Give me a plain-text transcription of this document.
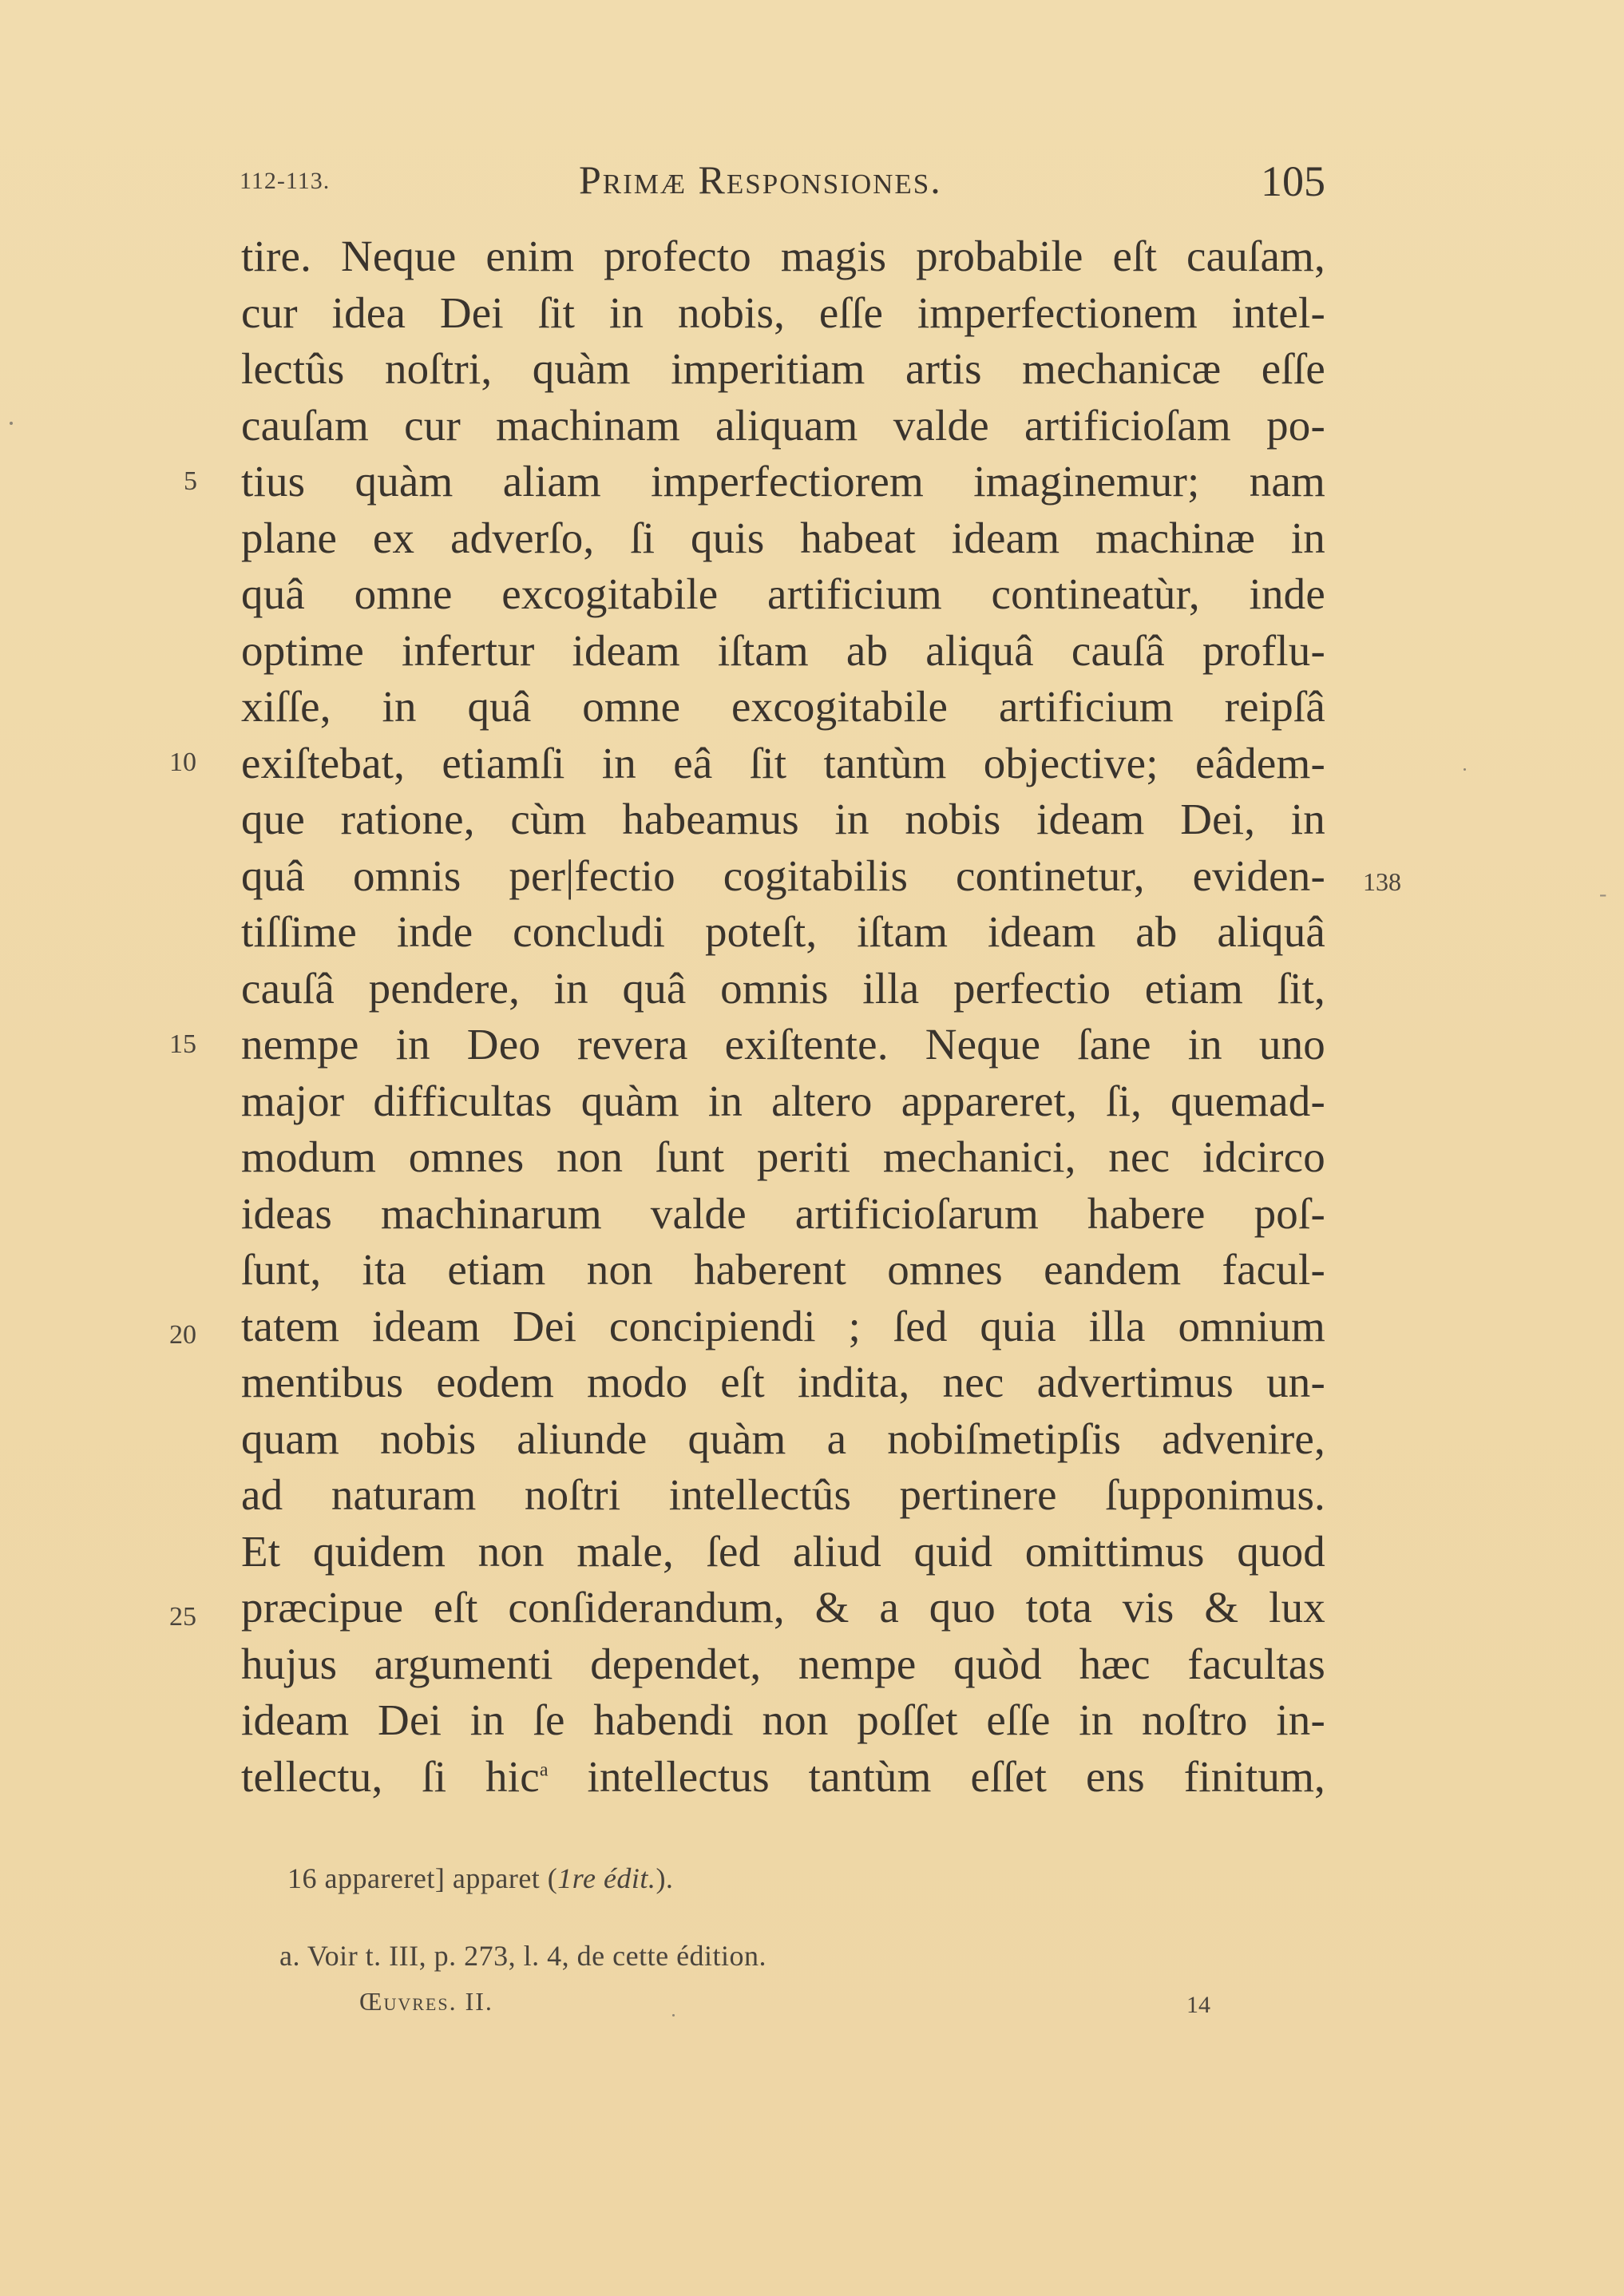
112-113.	Primæ Responsiones.	105
tire. Neque enim profecto magis probabile eſt cauſam,
cur idea Dei ſit in nobis, eſſe imperfectionem intel-
lectûs noſtri, quàm imperitiam artis mechanicæ eſſe
cauſam cur machinam aliquam valde artificioſam po-
tius quàm aliam imperfectiorem imaginemur; nam
plane ex adverſo, ſi quis habeat ideam machinæ in
quâ omne excogitabile artificium contineatùr, inde
optime infertur ideam iſtam ab aliquâ cauſâ proflu-
xiſſe, in quâ omne excogitabile artificium reipſâ
exiſtebat, etiamſi in eâ ſit tantùm objective; eâdem-
que ratione, cùm habeamus in nobis ideam Dei, in
quâ omnis per|fectio cogitabilis continetur, eviden-
tiſſime inde concludi poteſt, iſtam ideam ab aliquâ
cauſâ pendere, in quâ omnis illa perfectio etiam ſit,
nempe in Deo revera exiſtente. Neque ſane in uno
major difficultas quàm in altero appareret, ſi, quemad-
modum omnes non ſunt periti mechanici, nec idcirco
ideas machinarum valde artificioſarum habere poſ-
ſunt, ita etiam non haberent omnes eandem facul-
tatem ideam Dei concipiendi ; ſed quia illa omnium
mentibus eodem modo eſt indita, nec advertimus un-
quam nobis aliunde quàm a nobiſmetipſis advenire,
ad naturam noſtri intellectûs pertinere ſupponimus.
Et quidem non male, ſed aliud quid omittimus quod
præcipue eſt conſiderandum, & a quo tota vis & lux
hujus argumenti dependet, nempe quòd hæc facultas
ideam Dei in ſe habendi non poſſet eſſe in noſtro in-
tellectu, ſi hic$^a$ intellectus tantùm eſſet ens finitum,
5
10
15
20
25
138	-
16 appareret] apparet (1re édit.).
a. Voir t. III, p. 273, l. 4, de cette édition.
Œuvres. II.	14
